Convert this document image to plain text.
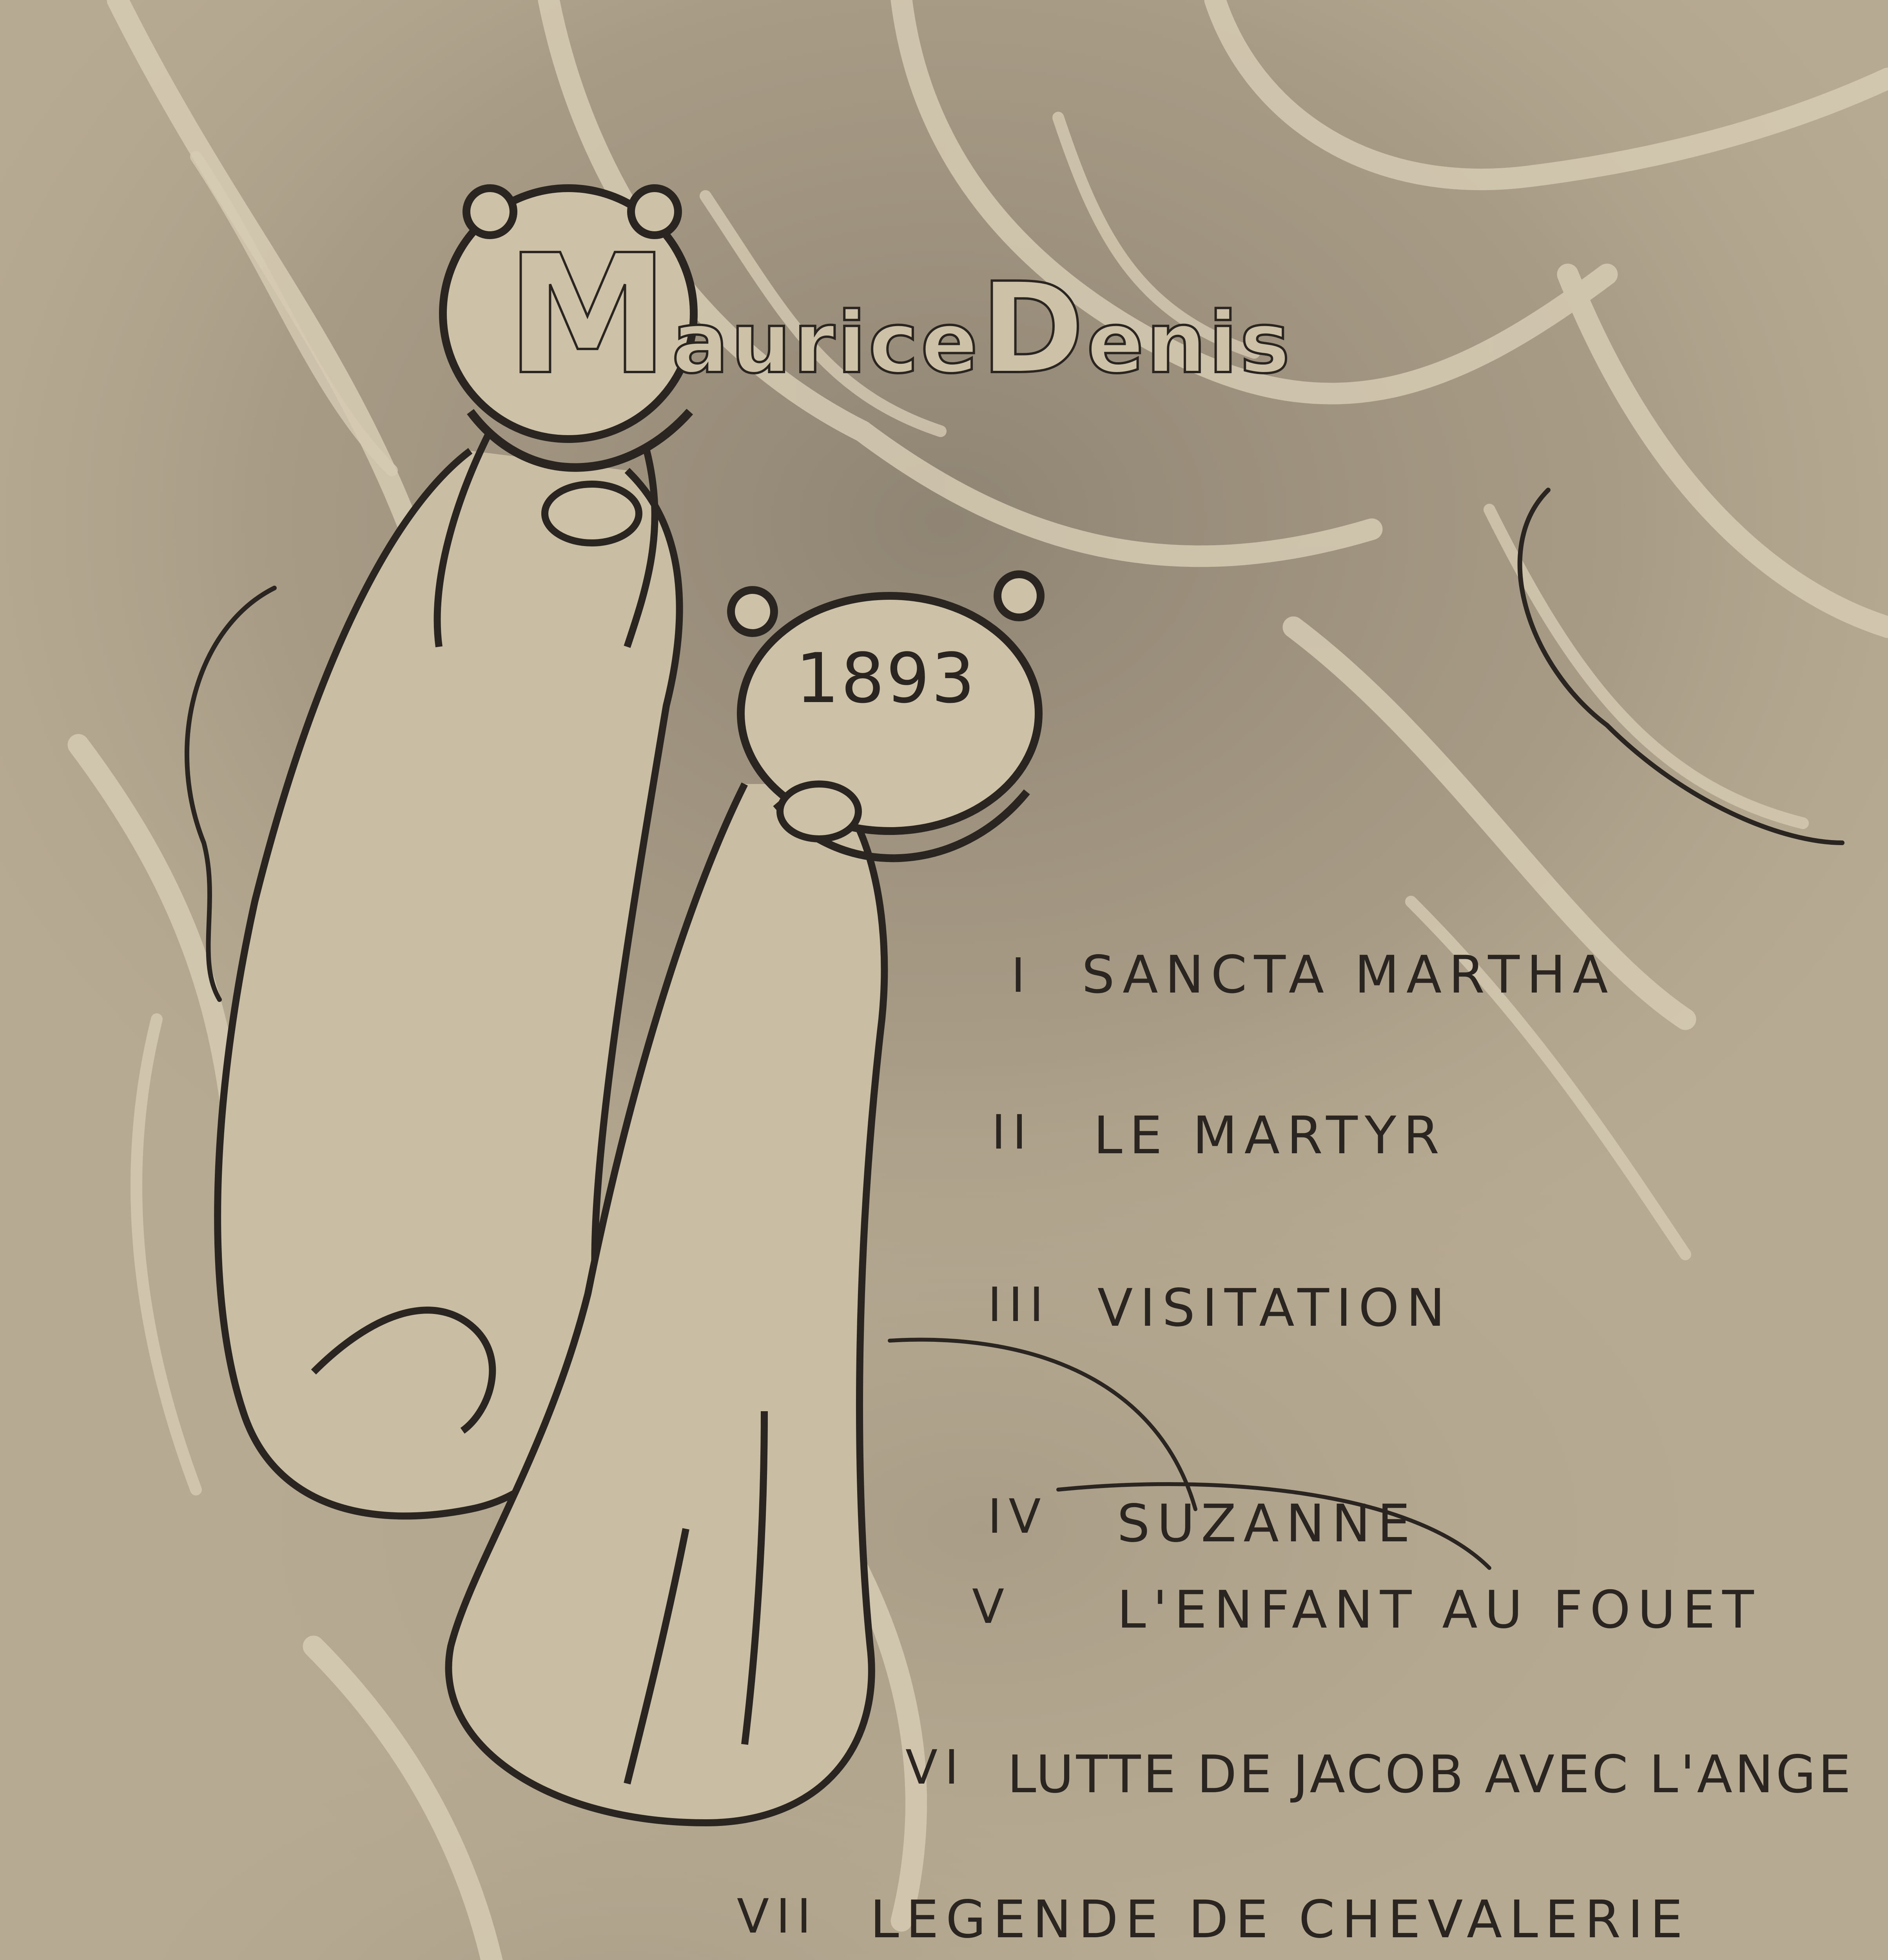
MauriceDenis
1893
I SANCTA MARTHA
II LE MARTYR
III VISITATION
IV SUZANNE
V L'ENFANT AU FOUET
VI LUTTE DE JACOB AVEC L'ANGE
VII LEGENDE DE CHEVALERIE
